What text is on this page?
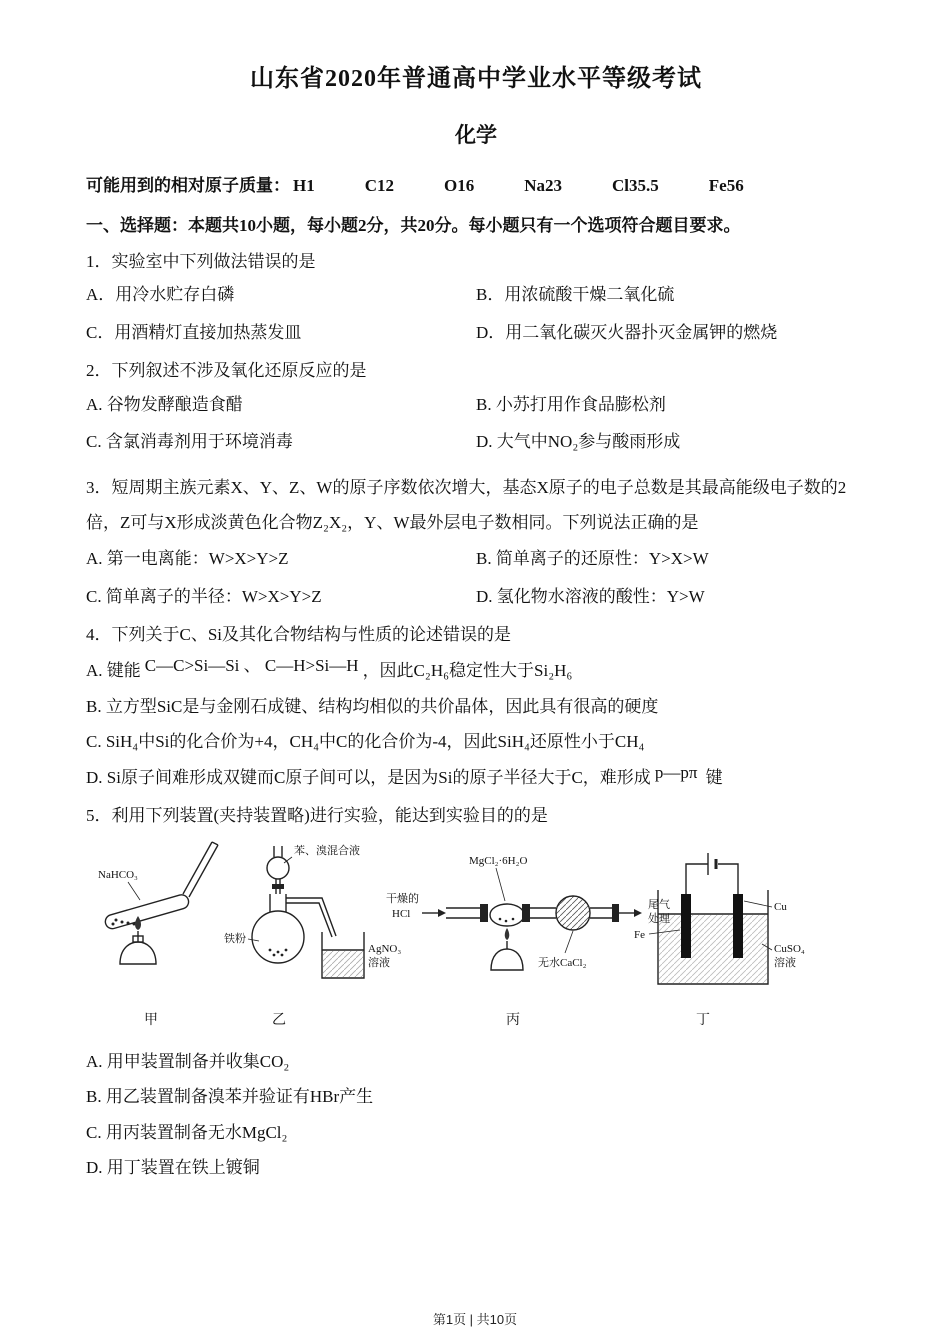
山东省2020年普通高中学业水平等级考试
化学

可能用到的相对原子质量： H1	C12	O16	Na23	Cl35.5	Fe56

一、选择题：本题共10小题，每小题2分，共20分。每小题只有一个选项符合题目要求。

1．实验室中下列做法错误的是

A．用冷水贮存白磷	B．用浓硫酸干燥二氧化硫

C．用酒精灯直接加热蒸发皿	D．用二氧化碳灭火器扑灭金属钾的燃烧

2．下列叙述不涉及氧化还原反应的是

A. 谷物发酵酿造食醋	B. 小苏打用作食品膨松剂

C. 含氯消毒剂用于环境消毒	D. 大气中NO₂参与酸雨形成

3．短周期主族元素X、Y、Z、W的原子序数依次增大，基态X原子的电子总数是其最高能级电子数的2倍，Z可与X形成淡黄色化合物Z₂X₂，Y、W最外层电子数相同。下列说法正确的是

A. 第一电离能：W>X>Y>Z	B. 简单离子的还原性：Y>X>W

C. 简单离子的半径：W>X>Y>Z	D. 氢化物水溶液的酸性：Y>W

4．下列关于C、Si及其化合物结构与性质的论述错误的是

A. 键能 C—C>Si—Si 、 C—H>Si—H ，因此C₂H₆稳定性大于Si₂H₆

B. 立方型SiC是与金刚石成键、结构均相似的共价晶体，因此具有很高的硬度

C. SiH₄中Si的化合价为+4，CH₄中C的化合价为-4，因此SiH₄还原性小于CH₄

D. Si原子间难形成双键而C原子间可以，是因为Si的原子半径大于C，难形成 p—pπ 键

5．利用下列装置(夹持装置略)进行实验，能达到实验目的的是

NaHCO₃
甲
苯、溴混合液
铁粉
AgNO₃
溶液
乙
干燥的
HCl
MgCl₂·6H₂O
无水CaCl₂
尾气
处理
丙
Fe
Cu
CuSO₄
溶液
丁

A. 用甲装置制备并收集CO₂

B. 用乙装置制备溴苯并验证有HBr产生

C. 用丙装置制备无水MgCl₂

D. 用丁装置在铁上镀铜

第1页 | 共10页
